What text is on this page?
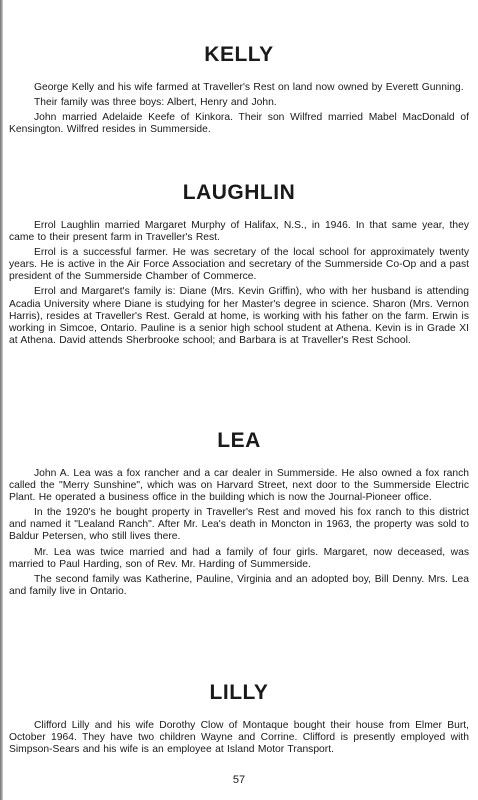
KELLY

George Kelly and his wife farmed at Traveller's Rest on land now owned by Everett Gunning.

Their family was three boys: Albert, Henry and John.

John married Adelaide Keefe of Kinkora. Their son Wilfred married Mabel MacDonald of Kensington. Wilfred resides in Summerside.

LAUGHLIN

Errol Laughlin married Margaret Murphy of Halifax, N.S., in 1946. In that same year, they came to their present farm in Traveller's Rest.

Errol is a successful farmer. He was secretary of the local school for approximately twenty years. He is active in the Air Force Association and secretary of the Summerside Co-Op and a past president of the Summerside Chamber of Commerce.

Errol and Margaret's family is: Diane (Mrs. Kevin Griffin), who with her husband is attending Acadia University where Diane is studying for her Master's degree in science. Sharon (Mrs. Vernon Harris), resides at Traveller's Rest. Gerald at home, is working with his father on the farm. Erwin is working in Simcoe, Ontario. Pauline is a senior high school student at Athena. Kevin is in Grade XI at Athena. David attends Sherbrooke school; and Barbara is at Traveller's Rest School.

LEA

John A. Lea was a fox rancher and a car dealer in Summerside. He also owned a fox ranch called the "Merry Sunshine", which was on Harvard Street, next door to the Summerside Electric Plant. He operated a business office in the building which is now the Journal-Pioneer office.

In the 1920's he bought property in Traveller's Rest and moved his fox ranch to this district and named it "Lealand Ranch". After Mr. Lea's death in Moncton in 1963, the property was sold to Baldur Petersen, who still lives there.

Mr. Lea was twice married and had a family of four girls. Margaret, now deceased, was married to Paul Harding, son of Rev. Mr. Harding of Summerside.

The second family was Katherine, Pauline, Virginia and an adopted boy, Bill Denny. Mrs. Lea and family live in Ontario.

LILLY

Clifford Lilly and his wife Dorothy Clow of Montaque bought their house from Elmer Burt, October 1964. They have two children Wayne and Corrine. Clifford is presently employed with Simpson-Sears and his wife is an employee at Island Motor Transport.

57
